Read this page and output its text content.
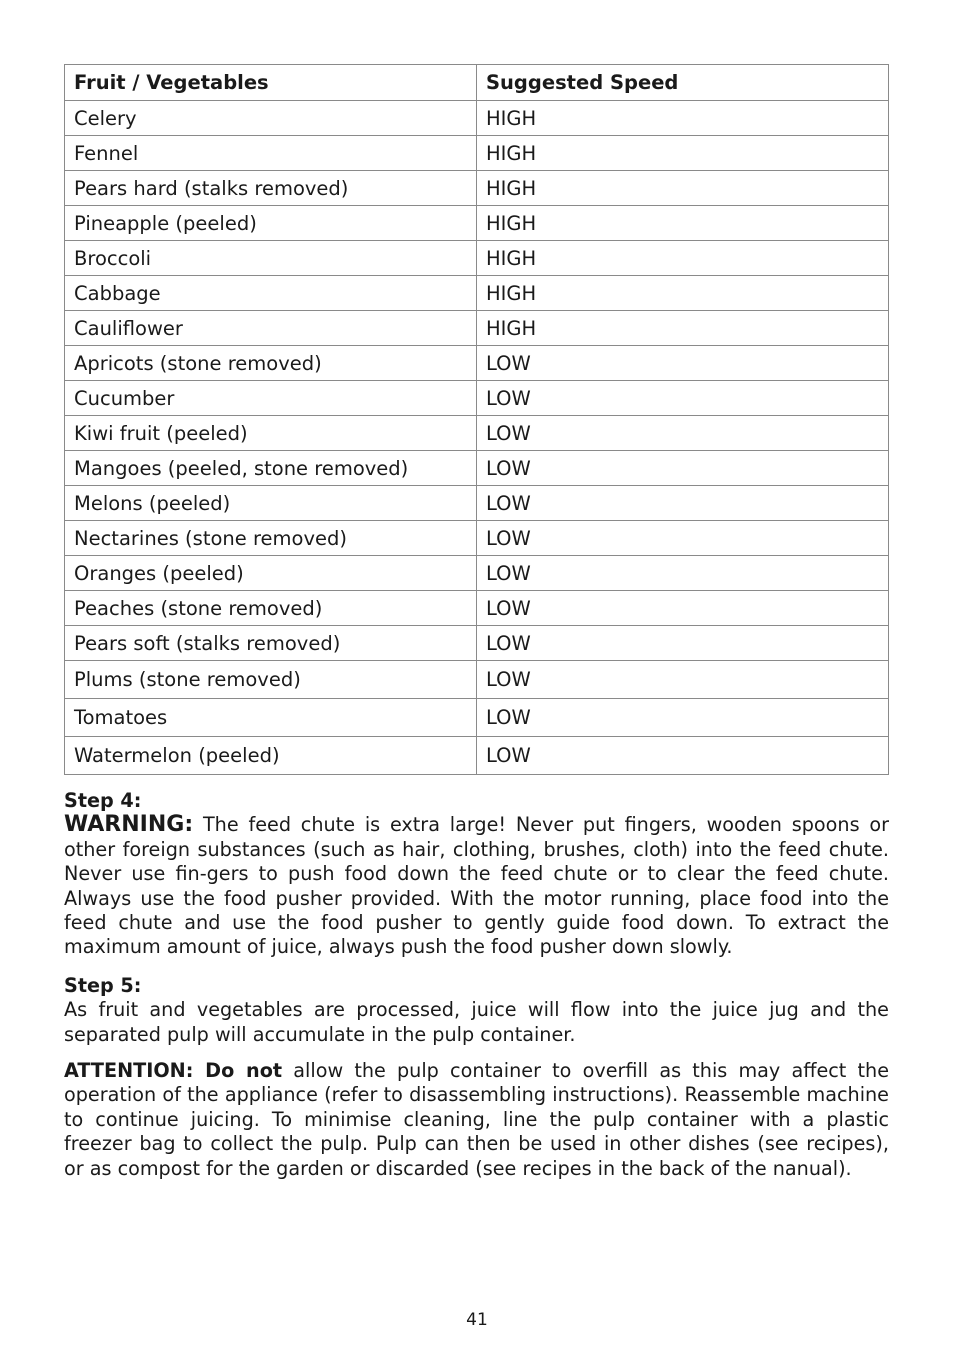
Fruit / Vegetables	Suggested Speed
Celery	HIGH
Fennel	HIGH
Pears hard (stalks removed)	HIGH
Pineapple (peeled)	HIGH
Broccoli	HIGH
Cabbage	HIGH
Cauliflower	HIGH
Apricots (stone removed)	LOW
Cucumber	LOW
Kiwi fruit (peeled)	LOW
Mangoes (peeled, stone removed)	LOW
Melons (peeled)	LOW
Nectarines (stone removed)	LOW
Oranges (peeled)	LOW
Peaches (stone removed)	LOW
Pears soft (stalks removed)	LOW
Plums (stone removed)	LOW
Tomatoes	LOW
Watermelon (peeled)	LOW
Step 4:
WARNING: The feed chute is extra large! Never put fingers, wooden spoons or other foreign substances (such as hair, clothing, brushes, cloth) into the feed chute. Never use fin-gers to push food down the feed chute or to clear the feed chute. Always use the food pusher provided. With the motor running, place food into the feed chute and use the food pusher to gently guide food down. To extract the maximum amount of juice, always push the food pusher down slowly.
Step 5:
As fruit and vegetables are processed, juice will flow into the juice jug and the separated pulp will accumulate in the pulp container.
ATTENTION: Do not allow the pulp container to overfill as this may affect the operation of the appliance (refer to disassembling instructions). Reassemble machine to continue juicing. To minimise cleaning, line the pulp container with a plastic freezer bag to collect the pulp. Pulp can then be used in other dishes (see recipes), or as compost for the garden or discarded (see recipes in the back of the nanual).
41
